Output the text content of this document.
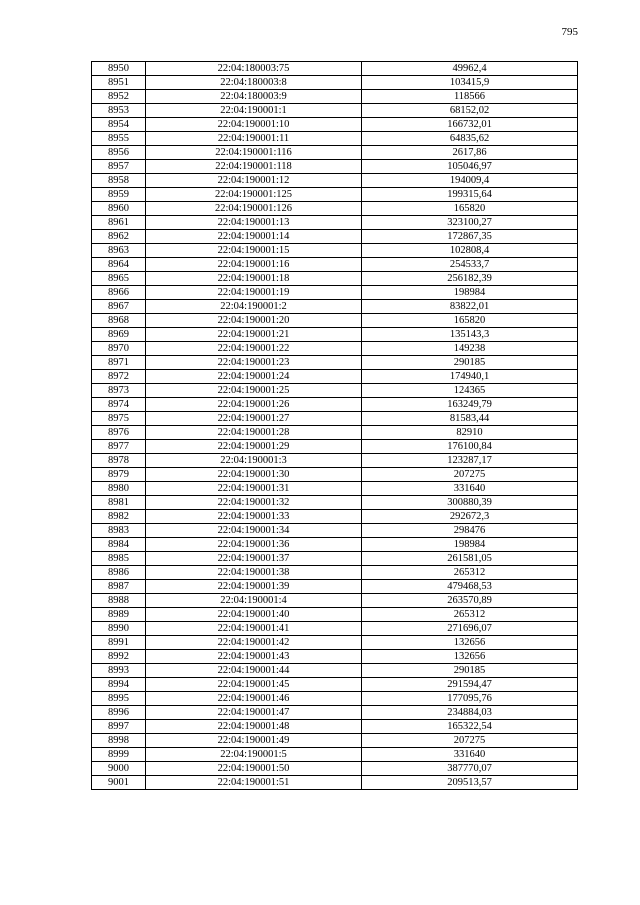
795
8950	22:04:180003:75	49962,4
8951	22:04:180003:8	103415,9
8952	22:04:180003:9	118566
8953	22:04:190001:1	68152,02
8954	22:04:190001:10	166732,01
8955	22:04:190001:11	64835,62
8956	22:04:190001:116	2617,86
8957	22:04:190001:118	105046,97
8958	22:04:190001:12	194009,4
8959	22:04:190001:125	199315,64
8960	22:04:190001:126	165820
8961	22:04:190001:13	323100,27
8962	22:04:190001:14	172867,35
8963	22:04:190001:15	102808,4
8964	22:04:190001:16	254533,7
8965	22:04:190001:18	256182,39
8966	22:04:190001:19	198984
8967	22:04:190001:2	83822,01
8968	22:04:190001:20	165820
8969	22:04:190001:21	135143,3
8970	22:04:190001:22	149238
8971	22:04:190001:23	290185
8972	22:04:190001:24	174940,1
8973	22:04:190001:25	124365
8974	22:04:190001:26	163249,79
8975	22:04:190001:27	81583,44
8976	22:04:190001:28	82910
8977	22:04:190001:29	176100,84
8978	22:04:190001:3	123287,17
8979	22:04:190001:30	207275
8980	22:04:190001:31	331640
8981	22:04:190001:32	300880,39
8982	22:04:190001:33	292672,3
8983	22:04:190001:34	298476
8984	22:04:190001:36	198984
8985	22:04:190001:37	261581,05
8986	22:04:190001:38	265312
8987	22:04:190001:39	479468,53
8988	22:04:190001:4	263570,89
8989	22:04:190001:40	265312
8990	22:04:190001:41	271696,07
8991	22:04:190001:42	132656
8992	22:04:190001:43	132656
8993	22:04:190001:44	290185
8994	22:04:190001:45	291594,47
8995	22:04:190001:46	177095,76
8996	22:04:190001:47	234884,03
8997	22:04:190001:48	165322,54
8998	22:04:190001:49	207275
8999	22:04:190001:5	331640
9000	22:04:190001:50	387770,07
9001	22:04:190001:51	209513,57
